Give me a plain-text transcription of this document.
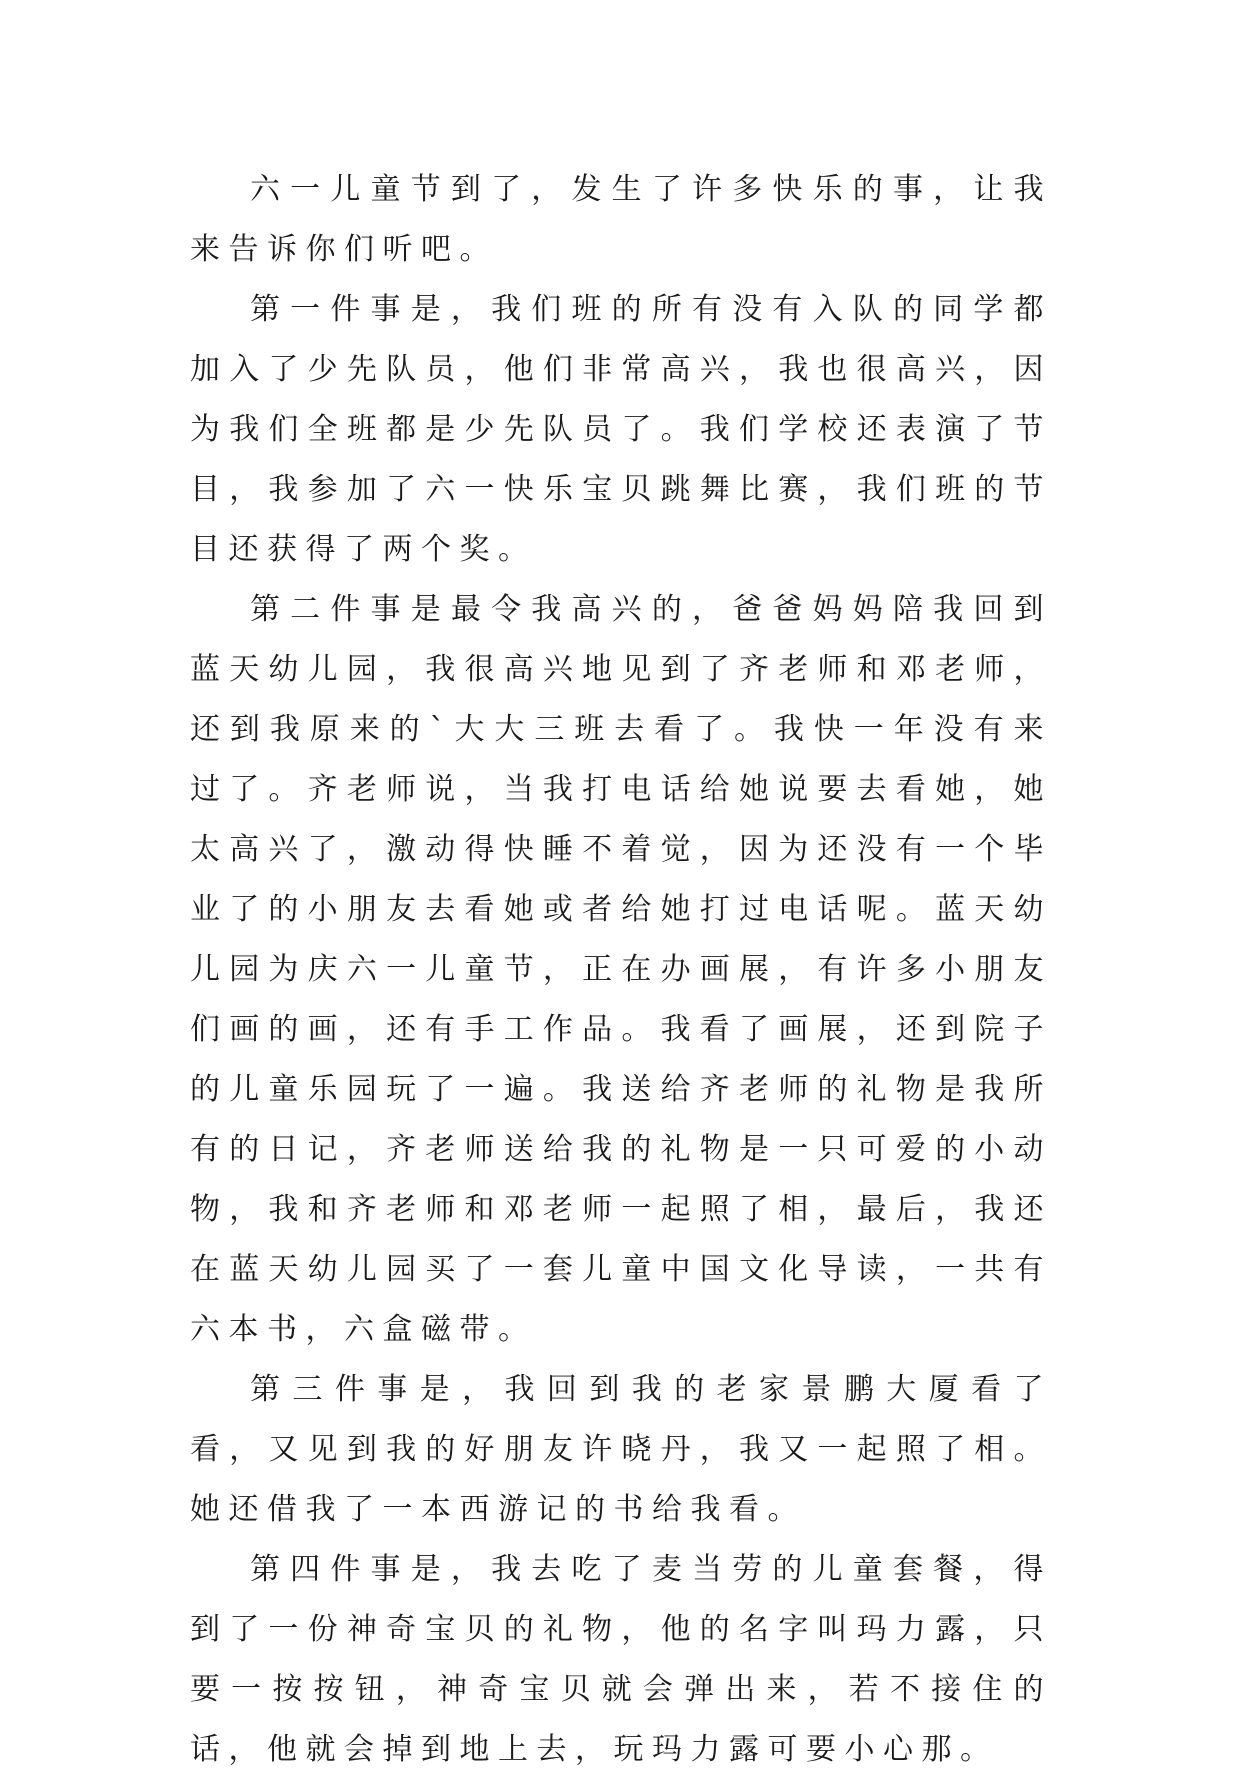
六一儿童节到了，发生了许多快乐的事，让我来告诉你们听吧。

第一件事是，我们班的所有没有入队的同学都加入了少先队员，他们非常高兴，我也很高兴，因为我们全班都是少先队员了。我们学校还表演了节目，我参加了六一快乐宝贝跳舞比赛，我们班的节目还获得了两个奖。

第二件事是最令我高兴的，爸爸妈妈陪我回到蓝天幼儿园，我很高兴地见到了齐老师和邓老师，还到我原来的`大大三班去看了。我快一年没有来过了。齐老师说，当我打电话给她说要去看她，她太高兴了，激动得快睡不着觉，因为还没有一个毕业了的小朋友去看她或者给她打过电话呢。蓝天幼儿园为庆六一儿童节，正在办画展，有许多小朋友们画的画，还有手工作品。我看了画展，还到院子的儿童乐园玩了一遍。我送给齐老师的礼物是我所有的日记，齐老师送给我的礼物是一只可爱的小动物，我和齐老师和邓老师一起照了相，最后，我还在蓝天幼儿园买了一套儿童中国文化导读，一共有六本书，六盒磁带。

第三件事是，我回到我的老家景鹏大厦看了看，又见到我的好朋友许晓丹，我又一起照了相。她还借我了一本西游记的书给我看。

第四件事是，我去吃了麦当劳的儿童套餐，得到了一份神奇宝贝的礼物，他的名字叫玛力露，只要一按按钮，神奇宝贝就会弹出来，若不接住的话，他就会掉到地上去，玩玛力露可要小心那。
